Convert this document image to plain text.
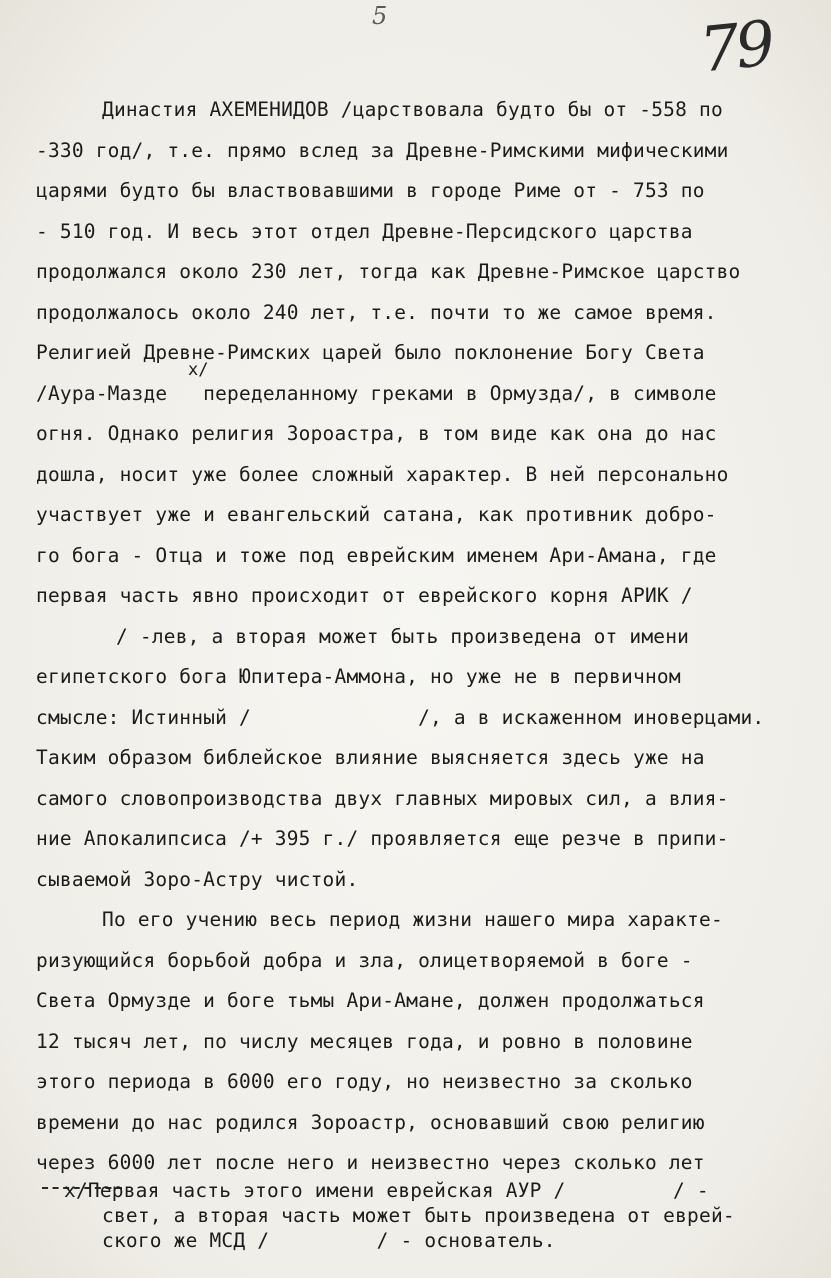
5	79
x/
Династия АХЕМЕНИДОВ /царствовала будто бы от -558 по
-330 год/, т.е. прямо вслед за Древне-Римскими мифическими
царями будто бы властвовавшими в городе Риме от - 753 по
- 510 год. И весь этот отдел Древне-Персидского царства
продолжался около 230 лет, тогда как Древне-Римское царство
продолжалось около 240 лет, т.е. почти то же самое время.
Религией Древне-Римских царей было поклонение Богу Света
/Аура-Мазде   переделанному греками в Ормузда/, в символе
огня. Однако религия Зороастра, в том виде как она до нас
дошла, носит уже более сложный характер. В ней персонально
участвует уже и евангельский сатана, как противник добро-
го бога - Отца и тоже под еврейским именем Ари-Амана, где
первая часть явно происходит от еврейского корня АРИК /
/ -лев, а вторая может быть произведена от имени
египетского бога Юпитера-Аммона, но уже не в первичном
смысле: Истинный /              /, а в искаженном иноверцами.
Таким образом библейское влияние выясняется здесь уже на
самого словопроизводства двух главных мировых сил, а влия-
ние Апокалипсиса /+ 395 г./ проявляется еще резче в припи-
сываемой Зоро-Астру чистой.
По его учению весь период жизни нашего мира характе-
ризующийся борьбой добра и зла, олицетворяемой в боге -
Света Ормузде и боге тьмы Ари-Амане, должен продолжаться
12 тысяч лет, по числу месяцев года, и ровно в половине
этого периода в 6000 его году, но неизвестно за сколько
времени до нас родился Зороастр, основавший свою религию
через 6000 лет после него и неизвестно через сколько лет
x/Первая часть этого имени еврейская АУР /         / -
свет, а вторая часть может быть произведена от еврей-
ского же МСД /         / - основатель.
